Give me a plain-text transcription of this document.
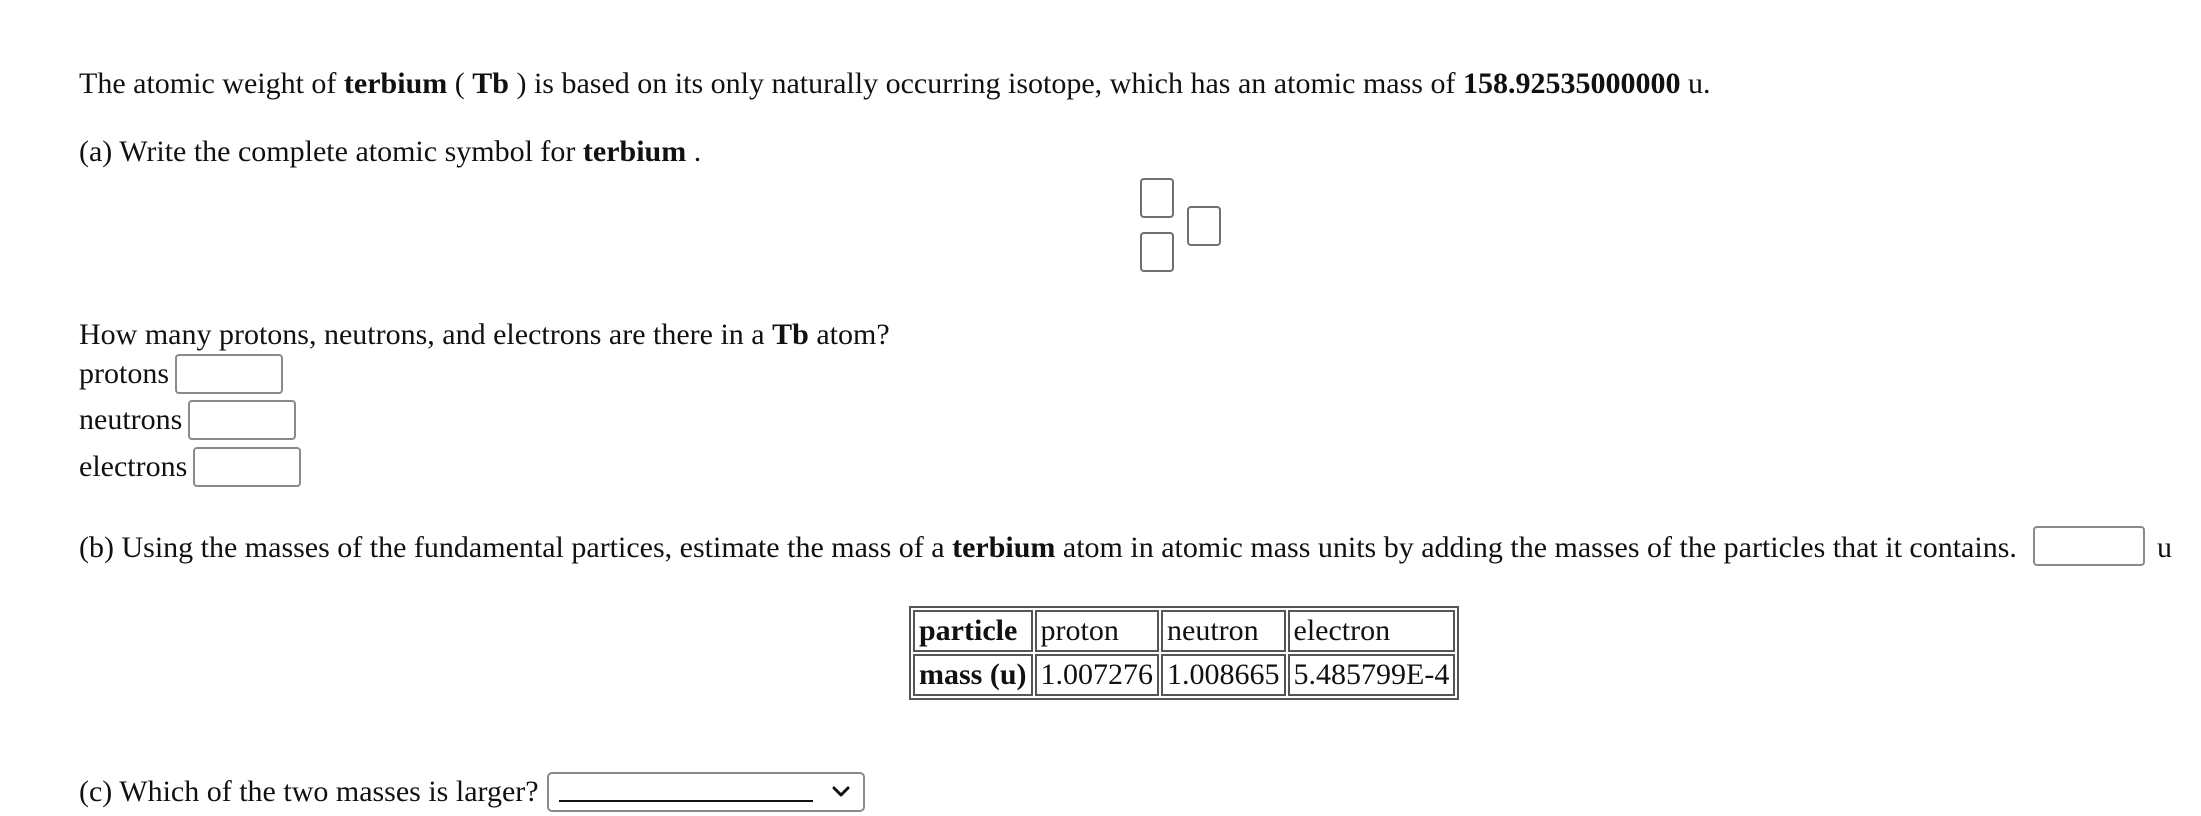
The atomic weight of terbium ( Tb ) is based on its only naturally occurring isotope, which has an atomic mass of 158.92535000000 u.
(a) Write the complete atomic symbol for terbium .
How many protons, neutrons, and electrons are there in a Tb atom?
protons
neutrons
electrons
(b) Using the masses of the fundamental partices, estimate the mass of a terbium atom in atomic mass units by adding the masses of the particles that it contains.	u
particle	proton	neutron	electron
mass (u)	1.007276	1.008665	5.485799E-4
(c) Which of the two masses is larger?
